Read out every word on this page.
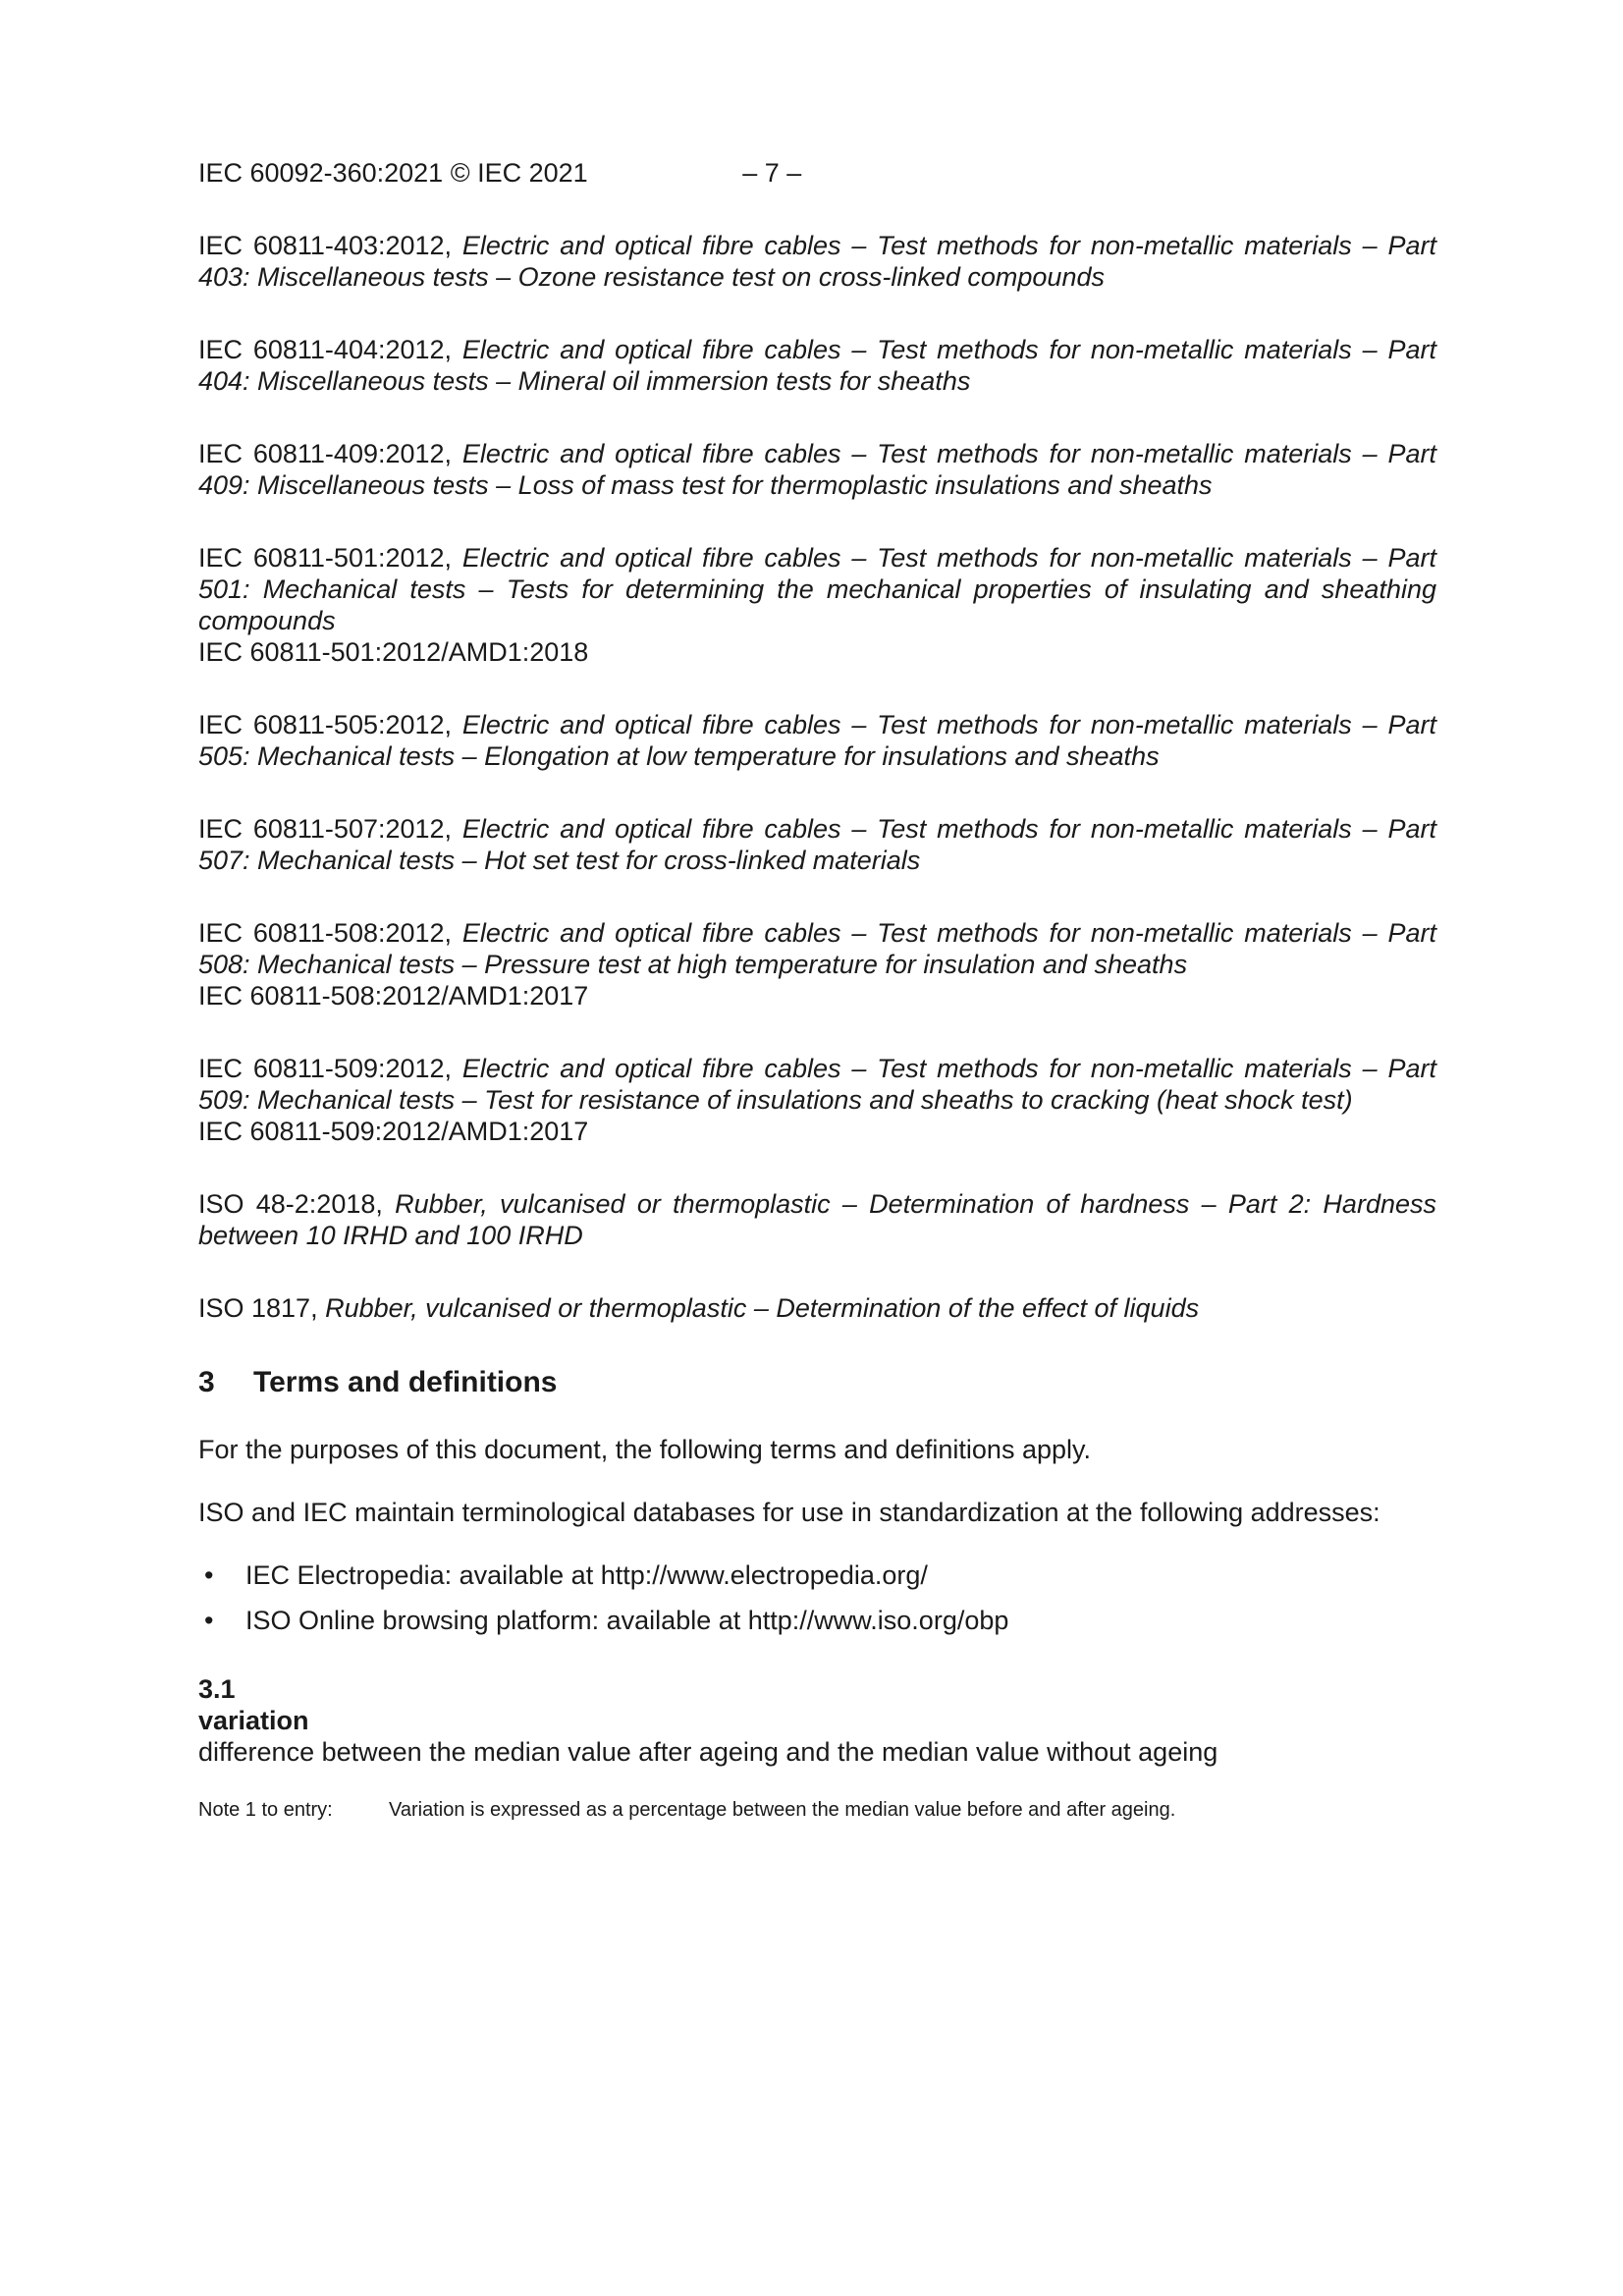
IEC 60092-360:2021 © IEC 2021	– 7 –

IEC 60811-403:2012, Electric and optical fibre cables – Test methods for non-metallic materials – Part 403: Miscellaneous tests – Ozone resistance test on cross-linked compounds

IEC 60811-404:2012, Electric and optical fibre cables – Test methods for non-metallic materials – Part 404: Miscellaneous tests – Mineral oil immersion tests for sheaths

IEC 60811-409:2012, Electric and optical fibre cables – Test methods for non-metallic materials – Part 409: Miscellaneous tests – Loss of mass test for thermoplastic insulations and sheaths

IEC 60811-501:2012, Electric and optical fibre cables – Test methods for non-metallic materials – Part 501: Mechanical tests – Tests for determining the mechanical properties of insulating and sheathing compounds
IEC 60811-501:2012/AMD1:2018

IEC 60811-505:2012, Electric and optical fibre cables – Test methods for non-metallic materials – Part 505: Mechanical tests – Elongation at low temperature for insulations and sheaths

IEC 60811-507:2012, Electric and optical fibre cables – Test methods for non-metallic materials – Part 507: Mechanical tests – Hot set test for cross-linked materials

IEC 60811-508:2012, Electric and optical fibre cables – Test methods for non-metallic materials – Part 508: Mechanical tests – Pressure test at high temperature for insulation and sheaths
IEC 60811-508:2012/AMD1:2017

IEC 60811-509:2012, Electric and optical fibre cables – Test methods for non-metallic materials – Part 509: Mechanical tests – Test for resistance of insulations and sheaths to cracking (heat shock test)
IEC 60811-509:2012/AMD1:2017

ISO 48-2:2018, Rubber, vulcanised or thermoplastic – Determination of hardness – Part 2: Hardness between 10 IRHD and 100 IRHD

ISO 1817, Rubber, vulcanised or thermoplastic – Determination of the effect of liquids

3 Terms and definitions

For the purposes of this document, the following terms and definitions apply.

ISO and IEC maintain terminological databases for use in standardization at the following addresses:

• IEC Electropedia: available at http://www.electropedia.org/
• ISO Online browsing platform: available at http://www.iso.org/obp
3.1
variation
difference between the median value after ageing and the median value without ageing
Note 1 to entry:	Variation is expressed as a percentage between the median value before and after ageing.
